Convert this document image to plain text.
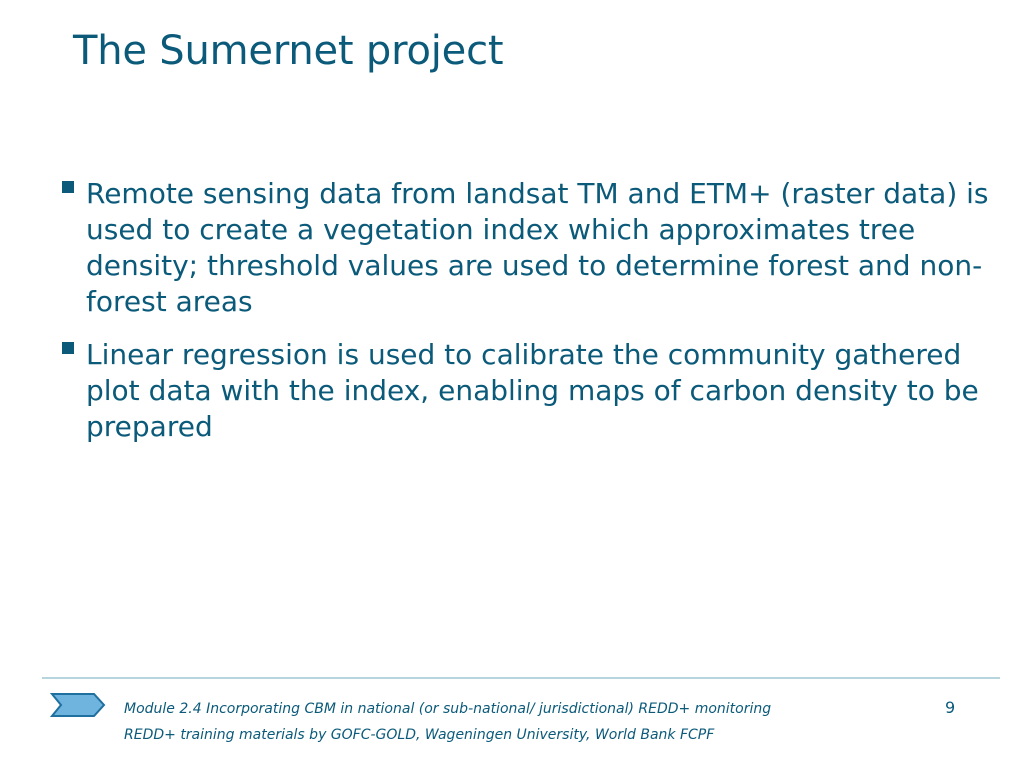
The Sumernet project
Remote sensing data from landsat TM and ETM+ (raster data) is used to create a vegetation index which approximates tree density; threshold values are used to determine forest and non-forest areas
Linear regression is used to calibrate the community gathered plot data with the index, enabling maps of carbon density to be prepared
Module 2.4 Incorporating CBM in national (or sub-national/ jurisdictional) REDD+ monitoring
REDD+ training materials by GOFC-GOLD, Wageningen University, World Bank FCPF
9
